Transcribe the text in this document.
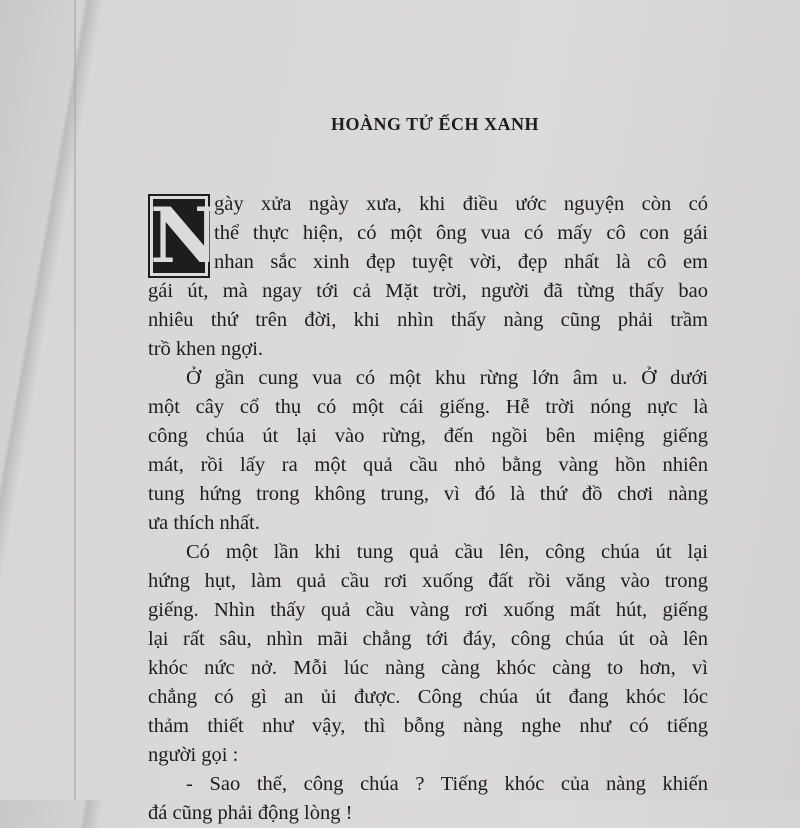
HOÀNG TỬ ẾCH XANH
N
gày xửa ngày xưa, khi điều ước nguyện còn có
thể thực hiện, có một ông vua có mấy cô con gái
nhan sắc xinh đẹp tuyệt vời, đẹp nhất là cô em
gái út, mà ngay tới cả Mặt trời, người đã từng thấy bao
nhiêu thứ trên đời, khi nhìn thấy nàng cũng phải trầm
trồ khen ngợi.
Ở gần cung vua có một khu rừng lớn âm u. Ở dưới
một cây cổ thụ có một cái giếng. Hễ trời nóng nực là
công chúa út lại vào rừng, đến ngồi bên miệng giếng
mát, rồi lấy ra một quả cầu nhỏ bằng vàng hồn nhiên
tung hứng trong không trung, vì đó là thứ đồ chơi nàng
ưa thích nhất.
Có một lần khi tung quả cầu lên, công chúa út lại
hứng hụt, làm quả cầu rơi xuống đất rồi văng vào trong
giếng. Nhìn thấy quả cầu vàng rơi xuống mất hút, giếng
lại rất sâu, nhìn mãi chẳng tới đáy, công chúa út oà lên
khóc nức nở. Mỗi lúc nàng càng khóc càng to hơn, vì
chẳng có gì an ủi được. Công chúa út đang khóc lóc
thảm thiết như vậy, thì bỗng nàng nghe như có tiếng
người gọi :
- Sao thế, công chúa ? Tiếng khóc của nàng khiến
đá cũng phải động lòng !
